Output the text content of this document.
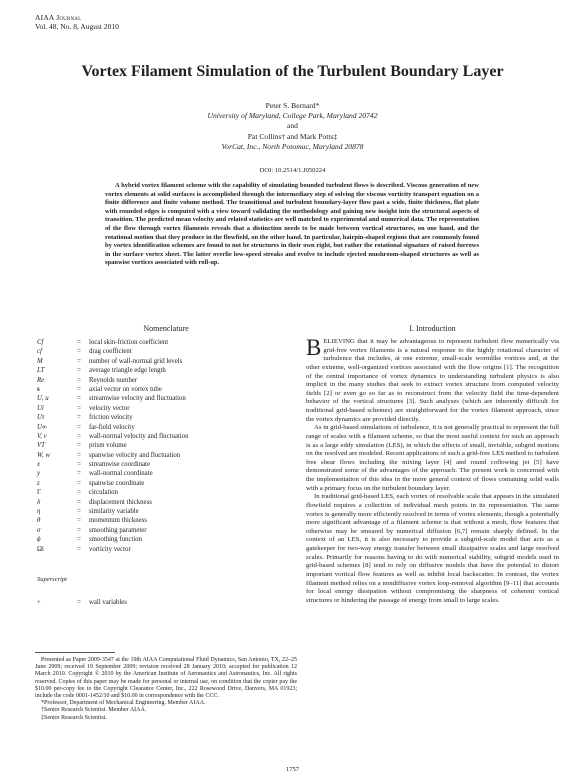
AIAA Journal
Vol. 48, No. 8, August 2010
Vortex Filament Simulation of the Turbulent Boundary Layer
Peter S. Bernard*
University of Maryland, College Park, Maryland 20742
and
Pat Collins† and Mark Potts‡
VorCat, Inc., North Potomac, Maryland 20878
DOI: 10.2514/1.J050224
A hybrid vortex filament scheme with the capability of simulating bounded turbulent flows is described. Viscous generation of new vortex elements at solid surfaces is accomplished through the intermediary step of solving the viscous vorticity transport equation on a finite difference and finite volume method. The transitional and turbulent boundary-layer flow past a wide, finite thickness, flat plate with rounded edges is computed with a view toward validating the methodology and gaining new insight into the structural aspects of transition. The predicted mean velocity and related statistics are well matched to experimental and numerical data. The representation of the flow through vortex filaments reveals that a distinction needs to be made between vortical structures, on one hand, and the rotational motion that they produce in the flowfield, on the other hand. In particular, hairpin-shaped regions that are commonly found by vortex identification schemes are found to not be structures in their own right, but rather the rotational signature of raised furrows in the surface vortex sheet. The latter overlie low-speed streaks and evolve to include ejected mushroom-shaped structures as well as spanwise vortices associated with roll-up.
Nomenclature
Cf	=	local skin-friction coefficient
cf	=	drag coefficient
M	=	number of wall-normal grid levels
LT	=	average triangle edge length
Re	=	Reynolds number
s	=	axial vector on vortex tube
U, u	=	streamwise velocity and fluctuation
Ui	=	velocity vector
Uτ	=	friction velocity
U∞	=	far-field velocity
V, v	=	wall-normal velocity and fluctuation
VT	=	prism volume
W, w	=	spanwise velocity and fluctuation
x	=	streamwise coordinate
y	=	wall-normal coordinate
z	=	spanwise coordinate
Γ	=	circulation
δ	=	displacement thickness
η	=	similarity variable
θ	=	momentum thickness
σ	=	smoothing parameter
ϕ	=	smoothing function
Ωi	=	vorticity vector
Superscript
+	=	wall variables

Presented as Paper 2009-3547 at the 19th AIAA Computational Fluid Dynamics, San Antonio, TX, 22–25 June 2009; received 19 September 2009; revision received 28 January 2010; accepted for publication 12 March 2010. Copyright © 2010 by the American Institute of Aeronautics and Astronautics, Inc. All rights reserved. Copies of this paper may be made for personal or internal use, on condition that the copier pay the $10.00 per-copy fee to the Copyright Clearance Center, Inc., 222 Rosewood Drive, Danvers, MA 01923; include the code 0001-1452/10 and $10.00 in correspondence with the CCC.

*Professor, Department of Mechanical Engineering. Member AIAA.

†Senior Research Scientist. Member AIAA.

‡Senior Research Scientist.

I. Introduction

BELIEVING that it may be advantageous to represent turbulent flow numerically via grid-free vortex filaments is a natural response to the highly rotational character of turbulence that includes, at one extreme, small-scale wormlike vortices and, at the other extreme, well-organized vortices associated with the flow origins [1]. The recognition of the central importance of vortex dynamics to understanding turbulent physics is also implicit in the many studies that seek to extract vortex structure from computed velocity fields [2] or even go so far as to reconstruct from the velocity field the time-dependent behavior of the vortical structures [3]. Such analyses (which are inherently difficult for traditional grid-based schemes) are straightforward for the vortex filament approach, since the vortex dynamics are provided directly.

As in grid-based simulations of turbulence, it is not generally practical to represent the full range of scales with a filament scheme, so that the most useful context for such an approach is as a large eddy simulation (LES), in which the effects of small, invisible, subgrid motions on the resolved are modeled. Recent applications of such a grid-free LES method to turbulent free shear flows including the mixing layer [4] and round coflowing jet [5] have demonstrated some of the advantages of the approach. The present work is concerned with the implementation of this idea in the more general context of flows containing solid walls with a primary focus on the turbulent boundary layer.

In traditional grid-based LES, each vortex of resolvable scale that appears in the simulated flowfield requires a collection of individual mesh points in its representation. The same vortex is generally more efficiently resolved in terms of vortex elements, though a potentially more significant advantage of a filament scheme is that without a mesh, flow features that otherwise may be smeared by numerical diffusion [6,7] remain sharply defined. In the context of an LES, it is also necessary to provide a subgrid-scale model that acts as a gatekeeper for two-way energy transfer between small dissipative scales and large resolved scales. Primarily for reasons having to do with numerical stability, subgrid models used in grid-based schemes [8] tend to rely on diffusive models that have the potential to distort important vortical flow features as well as inhibit local backscatter. In contrast, the vortex filament method relies on a nondiffusive vortex loop-removal algorithm [9–11] that accounts for local energy dissipation without compromising the sharpness of coherent vortical structures or hindering the passage of energy from small to large scales.

1757
